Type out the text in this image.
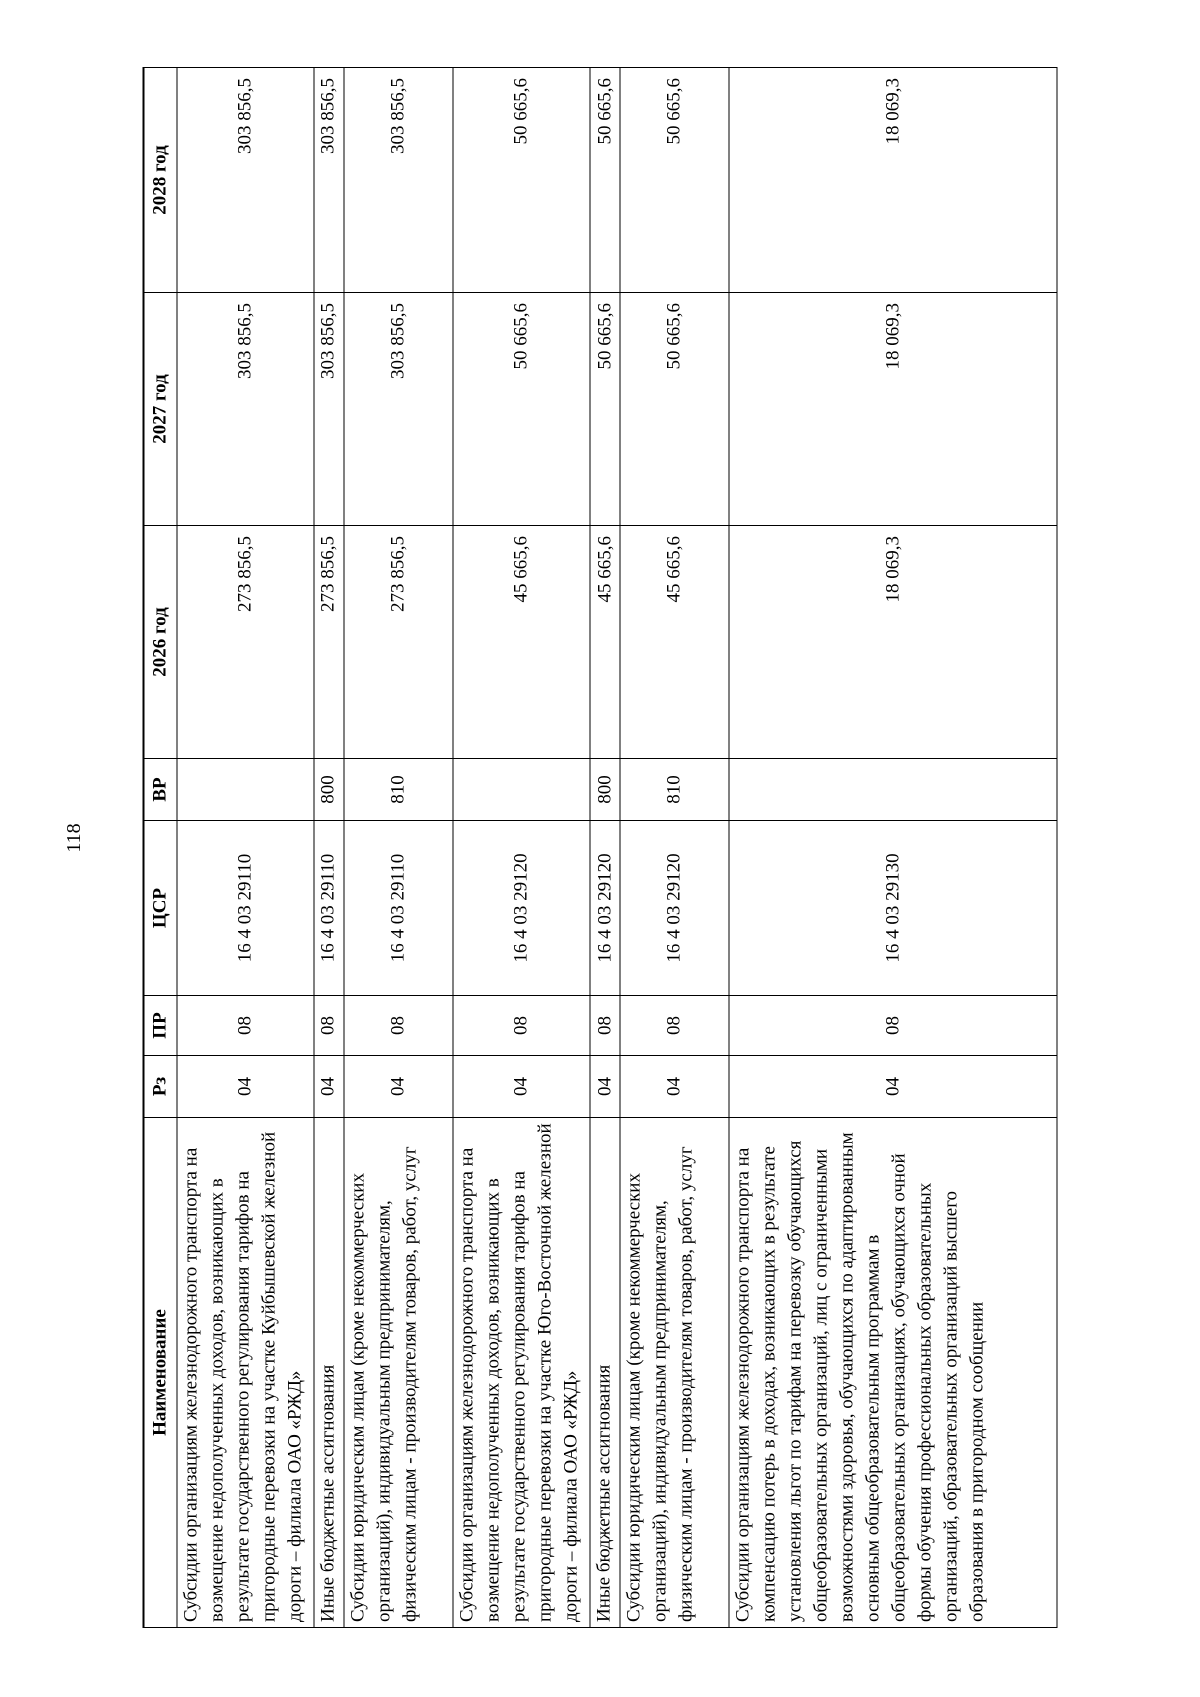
118
Наименование	Рз	ПР	ЦСР	ВР	2026 год	2027 год	2028 год
Субсидии организациям железнодорожного транспорта на возмещение недополученных доходов, возникающих в результате государственного регулирования тарифов на пригородные перевозки на участке Куйбышевской железной дороги – филиала ОАО «РЖД»	04	08	16 4 03 29110		273 856,5	303 856,5	303 856,5
Иные бюджетные ассигнования	04	08	16 4 03 29110	800	273 856,5	303 856,5	303 856,5
Субсидии юридическим лицам (кроме некоммерческих организаций), индивидуальным предпринимателям, физическим лицам - производителям товаров, работ, услуг	04	08	16 4 03 29110	810	273 856,5	303 856,5	303 856,5
Субсидии организациям железнодорожного транспорта на возмещение недополученных доходов, возникающих в результате государственного регулирования тарифов на пригородные перевозки на участке Юго-Восточной железной дороги – филиала ОАО «РЖД»	04	08	16 4 03 29120		45 665,6	50 665,6	50 665,6
Иные бюджетные ассигнования	04	08	16 4 03 29120	800	45 665,6	50 665,6	50 665,6
Субсидии юридическим лицам (кроме некоммерческих организаций), индивидуальным предпринимателям, физическим лицам - производителям товаров, работ, услуг	04	08	16 4 03 29120	810	45 665,6	50 665,6	50 665,6
Субсидии организациям железнодорожного транспорта на компенсацию потерь в доходах, возникающих в результате установления льгот по тарифам на перевозку обучающихся общеобразовательных организаций, лиц с ограниченными возможностями здоровья, обучающихся по адаптированным основным общеобразовательным программам в общеобразовательных организациях, обучающихся очной формы обучения профессиональных образовательных организаций, образовательных организаций высшего образования в пригородном сообщении	04	08	16 4 03 29130		18 069,3	18 069,3	18 069,3
